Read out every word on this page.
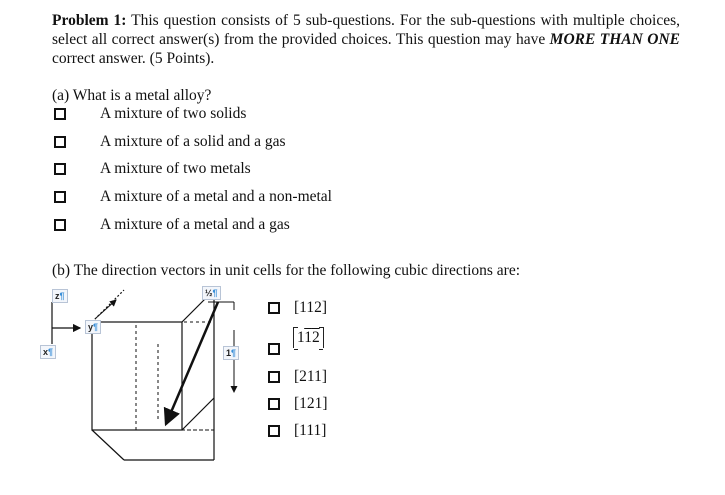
Problem 1: This question consists of 5 sub-questions. For the sub-questions with multiple choices, select all correct answer(s) from the provided choices. This question may have MORE THAN ONE correct answer. (5 Points).
(a) What is a metal alloy?
A mixture of two solids
A mixture of a solid and a gas
A mixture of two metals
A mixture of a metal and a non-metal
A mixture of a metal and a gas
(b) The direction vectors in unit cells for the following cubic directions are:
z¶
y¶
x¶
½¶
1¶
[112]
112
[211]
[121]
[111]
